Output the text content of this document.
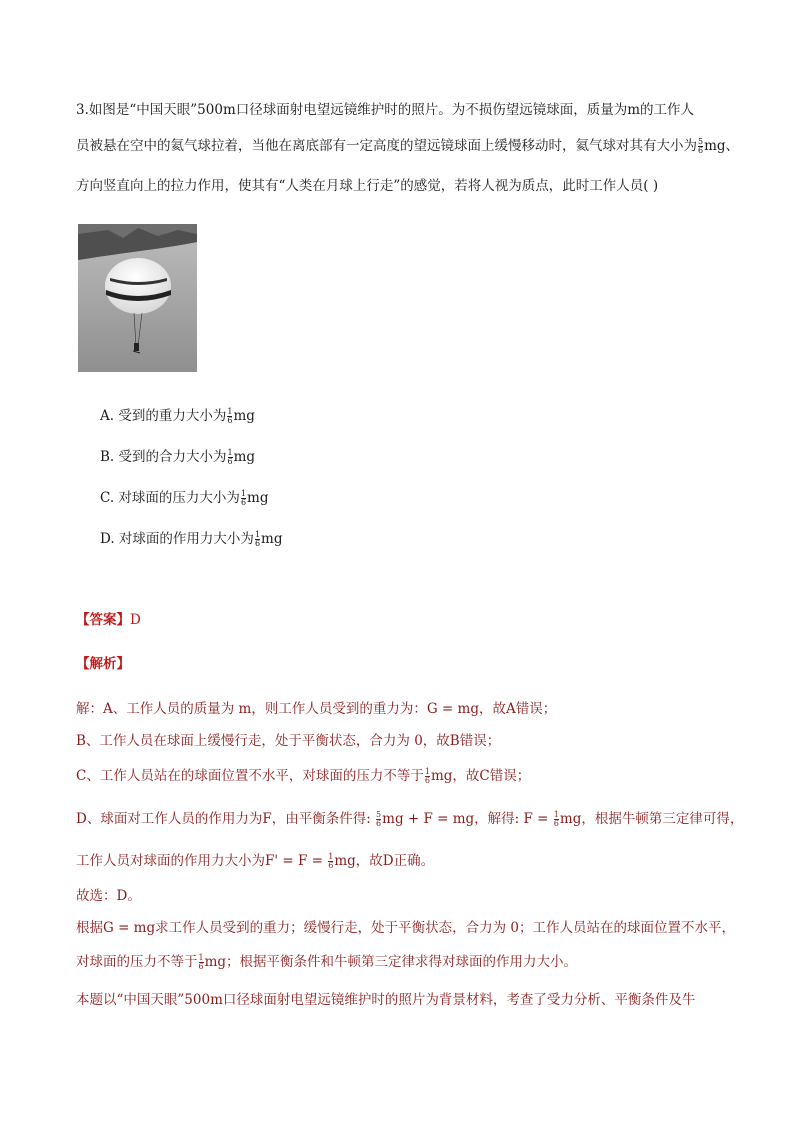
3.如图是“中国天眼”500m口径球面射电望远镜维护时的照片。为不损伤望远镜球面，质量为m的工作人
员被悬在空中的氦气球拉着，当他在离底部有一定高度的望远镜球面上缓慢移动时，氦气球对其有大小为 $\frac{5}{6}$ mg、
方向竖直向上的拉力作用，使其有“人类在月球上行走”的感觉，若将人视为质点，此时工作人员( )
A. 受到的重力大小为 $\frac{1}{6}$ mg
B. 受到的合力大小为 $\frac{1}{6}$ mg
C. 对球面的压力大小为 $\frac{1}{6}$ mg
D. 对球面的作用力大小为 $\frac{1}{6}$ mg
【答案】D
【解析】
解：A、工作人员的质量为 m，则工作人员受到的重力为：G = mg，故A错误；
B、工作人员在球面上缓慢行走，处于平衡状态，合力为 0，故B错误；
C、工作人员站在的球面位置不水平，对球面的压力不等于 $\frac{1}{6}$ mg，故C错误；
D、球面对工作人员的作用力为F，由平衡条件得: $\frac{5}{6}$ mg + F = mg，解得: $F = \frac{1}{6}$ mg，根据牛顿第三定律可得，
工作人员对球面的作用力大小为$F' = F = \frac{1}{6}$ mg，故D正确。
故选：D。
根据G = mg求工作人员受到的重力；缓慢行走，处于平衡状态，合力为 0；工作人员站在的球面位置不水平，
对球面的压力不等于 $\frac{1}{6}$ mg；根据平衡条件和牛顿第三定律求得对球面的作用力大小。
本题以“中国天眼”500m口径球面射电望远镜维护时的照片为背景材料，考查了受力分析、平衡条件及牛
